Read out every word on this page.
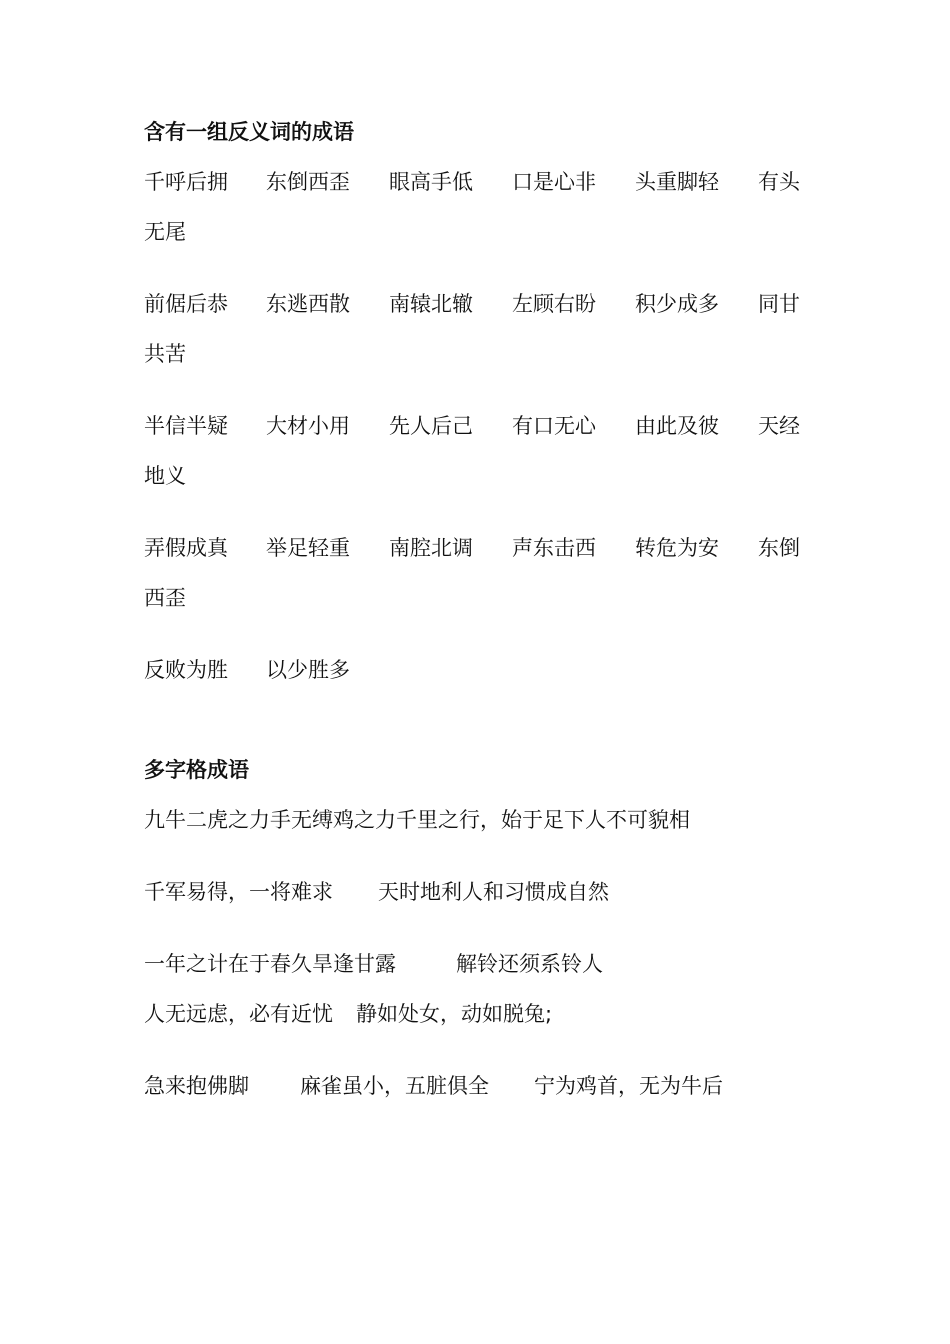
含有一组反义词的成语
千呼后拥 东倒西歪 眼高手低 口是心非 头重脚轻 有头
无尾
前倨后恭 东逃西散 南辕北辙 左顾右盼 积少成多 同甘
共苦
半信半疑 大材小用 先人后己 有口无心 由此及彼 天经
地义
弄假成真 举足轻重 南腔北调 声东击西 转危为安 东倒
西歪
反败为胜 以少胜多
多字格成语
九牛二虎之力手无缚鸡之力千里之行，始于足下人不可貌相
千军易得，一将难求 天时地利人和习惯成自然
一年之计在于春久旱逢甘露	解铃还须系铃人
人无远虑，必有近忧 静如处女，动如脱兔;
急来抱佛脚 麻雀虽小，五脏俱全 宁为鸡首，无为牛后
